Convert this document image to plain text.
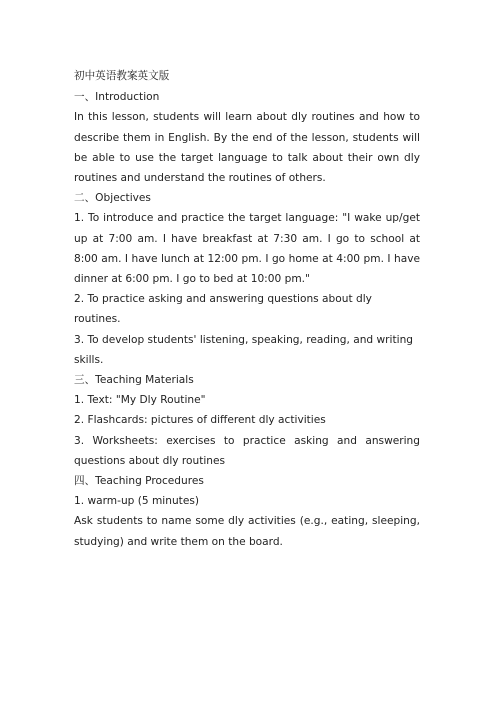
初中英语教案英文版

一、Introduction

In this lesson, students will learn about dly routines and how to describe them in English. By the end of the lesson, students will be able to use the target language to talk about their own dly routines and understand the routines of others.

二、Objectives

1. To introduce and practice the target language: "I wake up/get up at 7:00 am. I have breakfast at 7:30 am. I go to school at 8:00 am. I have lunch at 12:00 pm. I go home at 4:00 pm. I have dinner at 6:00 pm. I go to bed at 10:00 pm."

2. To practice asking and answering questions about dly routines.

3. To develop students' listening, speaking, reading, and writing skills.

三、Teaching Materials

1. Text: "My Dly Routine"

2. Flashcards: pictures of different dly activities

3. Worksheets: exercises to practice asking and answering questions about dly routines

四、Teaching Procedures

1. warm-up (5 minutes)

Ask students to name some dly activities (e.g., eating, sleeping, studying) and write them on the board.
